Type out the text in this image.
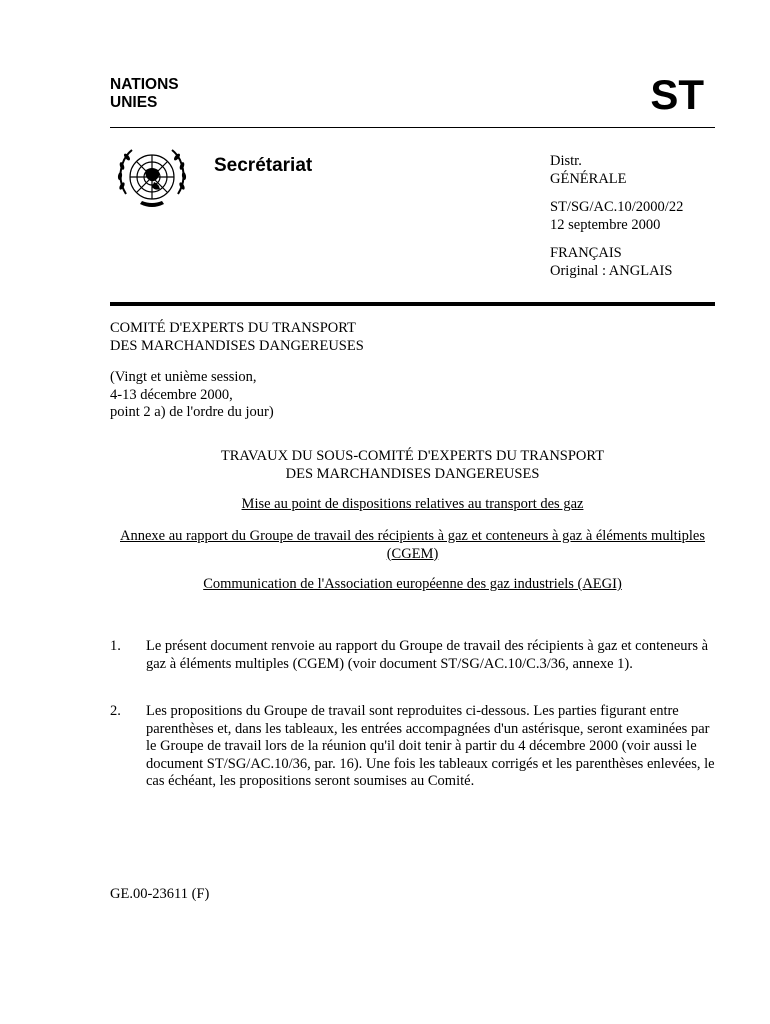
NATIONS
UNIES	ST
Secrétariat	Distr.
GÉNÉRALE
ST/SG/AC.10/2000/22
12 septembre 2000
FRANÇAIS
Original : ANGLAIS
COMITÉ D'EXPERTS DU TRANSPORT
DES MARCHANDISES DANGEREUSES
(Vingt et unième session,
4-13 décembre 2000,
point 2 a) de l'ordre du jour)
TRAVAUX DU SOUS-COMITÉ D'EXPERTS DU TRANSPORT
DES MARCHANDISES DANGEREUSES
Mise au point de dispositions relatives au transport des gaz
Annexe au rapport du Groupe de travail des récipients à gaz et conteneurs à gaz à éléments multiples (CGEM)
Communication de l'Association européenne des gaz industriels (AEGI)
1. Le présent document renvoie au rapport du Groupe de travail des récipients à gaz et conteneurs à gaz à éléments multiples (CGEM) (voir document ST/SG/AC.10/C.3/36, annexe 1).
2. Les propositions du Groupe de travail sont reproduites ci-dessous. Les parties figurant entre parenthèses et, dans les tableaux, les entrées accompagnées d'un astérisque, seront examinées par le Groupe de travail lors de la réunion qu'il doit tenir à partir du 4 décembre 2000 (voir aussi le document ST/SG/AC.10/36, par. 16). Une fois les tableaux corrigés et les parenthèses enlevées, le cas échéant, les propositions seront soumises au Comité.
GE.00-23611 (F)
